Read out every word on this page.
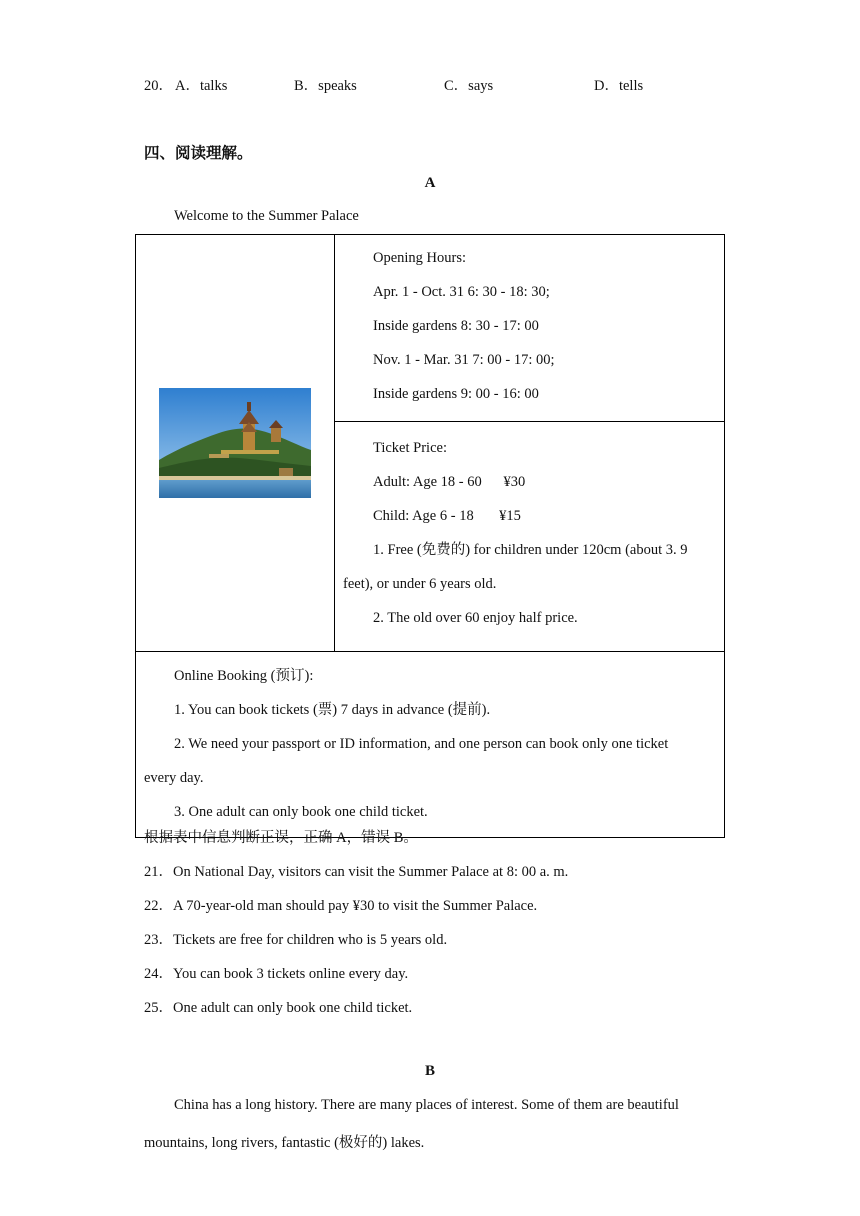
20． A．talks	B．speaks	C．says	D．tells
四、阅读理解。
A
Welcome to the Summer Palace

Opening Hours:
Apr. 1 - Oct. 31 6: 30 - 18: 30;
Inside gardens 8: 30 - 17: 00
Nov. 1 - Mar. 31 7: 00 - 17: 00;
Inside gardens 9: 00 - 16: 00

Ticket Price:
Adult: Age 18 - 60      ¥30
Child: Age 6 - 18       ¥15
1. Free (免费的) for children under 120cm (about 3. 9
feet), or under 6 years old.
2. The old over 60 enjoy half price.

Online Booking (预订):
1. You can book tickets (票) 7 days in advance (提前).
2. We need your passport or ID information, and one person can book only one ticket
every day.
3. One adult can only book one child ticket.
根据表中信息判断正误，正确 A，错误 B。
21．On National Day, visitors can visit the Summer Palace at 8: 00 a. m.
22．A 70-year-old man should pay ¥30 to visit the Summer Palace.
23．Tickets are free for children who is 5 years old.
24．You can book 3 tickets online every day.
25．One adult can only book one child ticket.
B
China has a long history. There are many places of interest. Some of them are beautiful
mountains, long rivers, fantastic (极好的) lakes.
